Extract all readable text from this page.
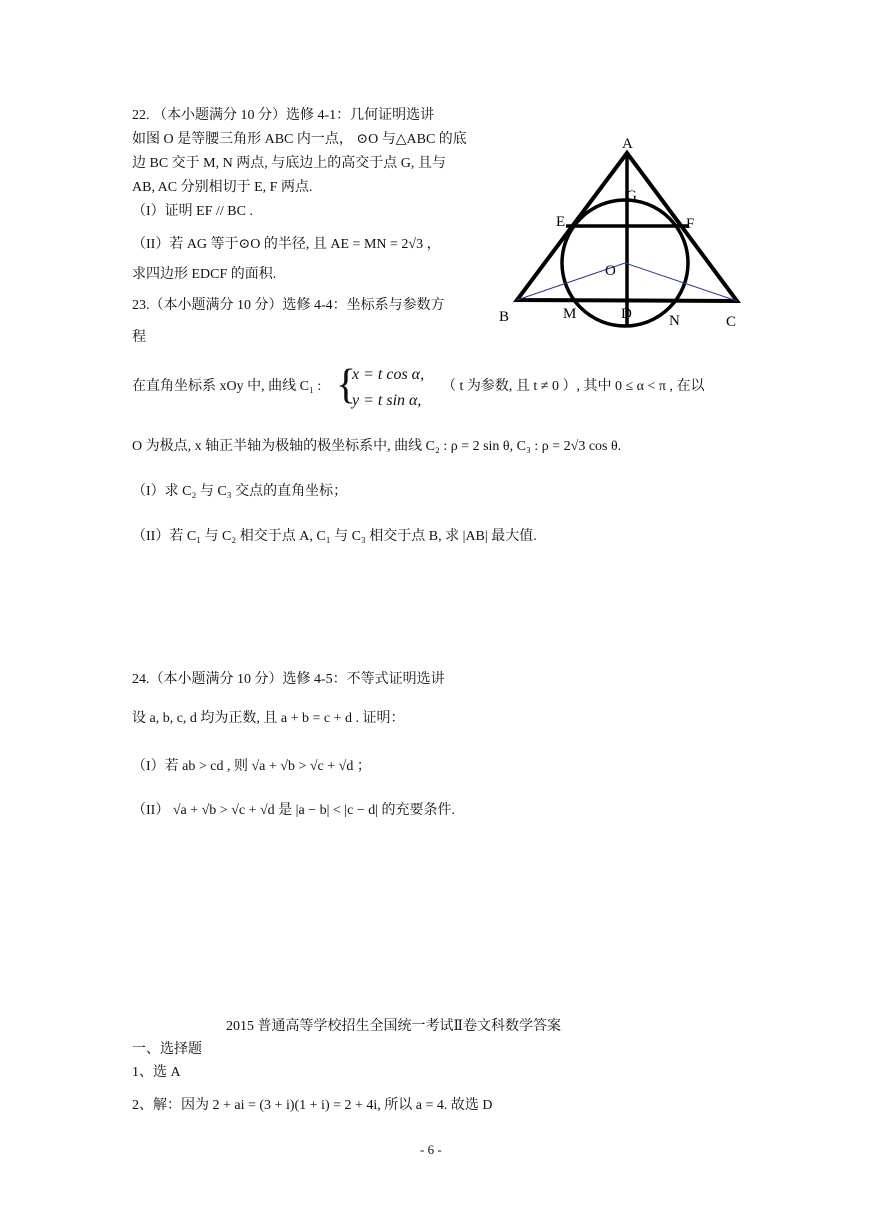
22. （本小题满分 10 分）选修 4-1：几何证明选讲
如图 O 是等腰三角形 ABC 内一点， ⊙O 与△ABC 的底
边 BC 交于 M, N 两点, 与底边上的高交于点 G, 且与
AB, AC 分别相切于 E, F 两点.
（I）证明 EF // BC .
（II）若 AG 等于⊙O 的半径, 且 AE = MN = 2√3 ，
求四边形 EDCF 的面积.
A
G
E	F
O
B	M	D N	C
23.（本小题满分 10 分）选修 4-4：坐标系与参数方
程
在直角坐标系 xOy 中, 曲线 C₁ : {
x = t cos α,
y = t sin α,
（ t 为参数, 且 t ≠ 0 ）, 其中 0 ≤ α < π , 在以
O 为极点, x 轴正半轴为极轴的极坐标系中, 曲线 C₂ : ρ = 2 sin θ, C₃ : ρ = 2√3 cos θ.
（I）求 C₂ 与 C₃ 交点的直角坐标；
（II）若 C₁ 与 C₂ 相交于点 A, C₁ 与 C₃ 相交于点 B, 求 |AB| 最大值.
24.（本小题满分 10 分）选修 4-5：不等式证明选讲
设 a, b, c, d 均为正数, 且 a + b = c + d . 证明：
（I）若 ab > cd , 则 √a + √b > √c + √d ；
（II） √a + √b > √c + √d 是 |a − b| < |c − d| 的充要条件.
2015 普通高等学校招生全国统一考试Ⅱ卷文科数学答案
一、选择题
1、选 A
2、解：因为 2 + ai = (3 + i)(1 + i) = 2 + 4i, 所以 a = 4. 故选 D
- 6 -
